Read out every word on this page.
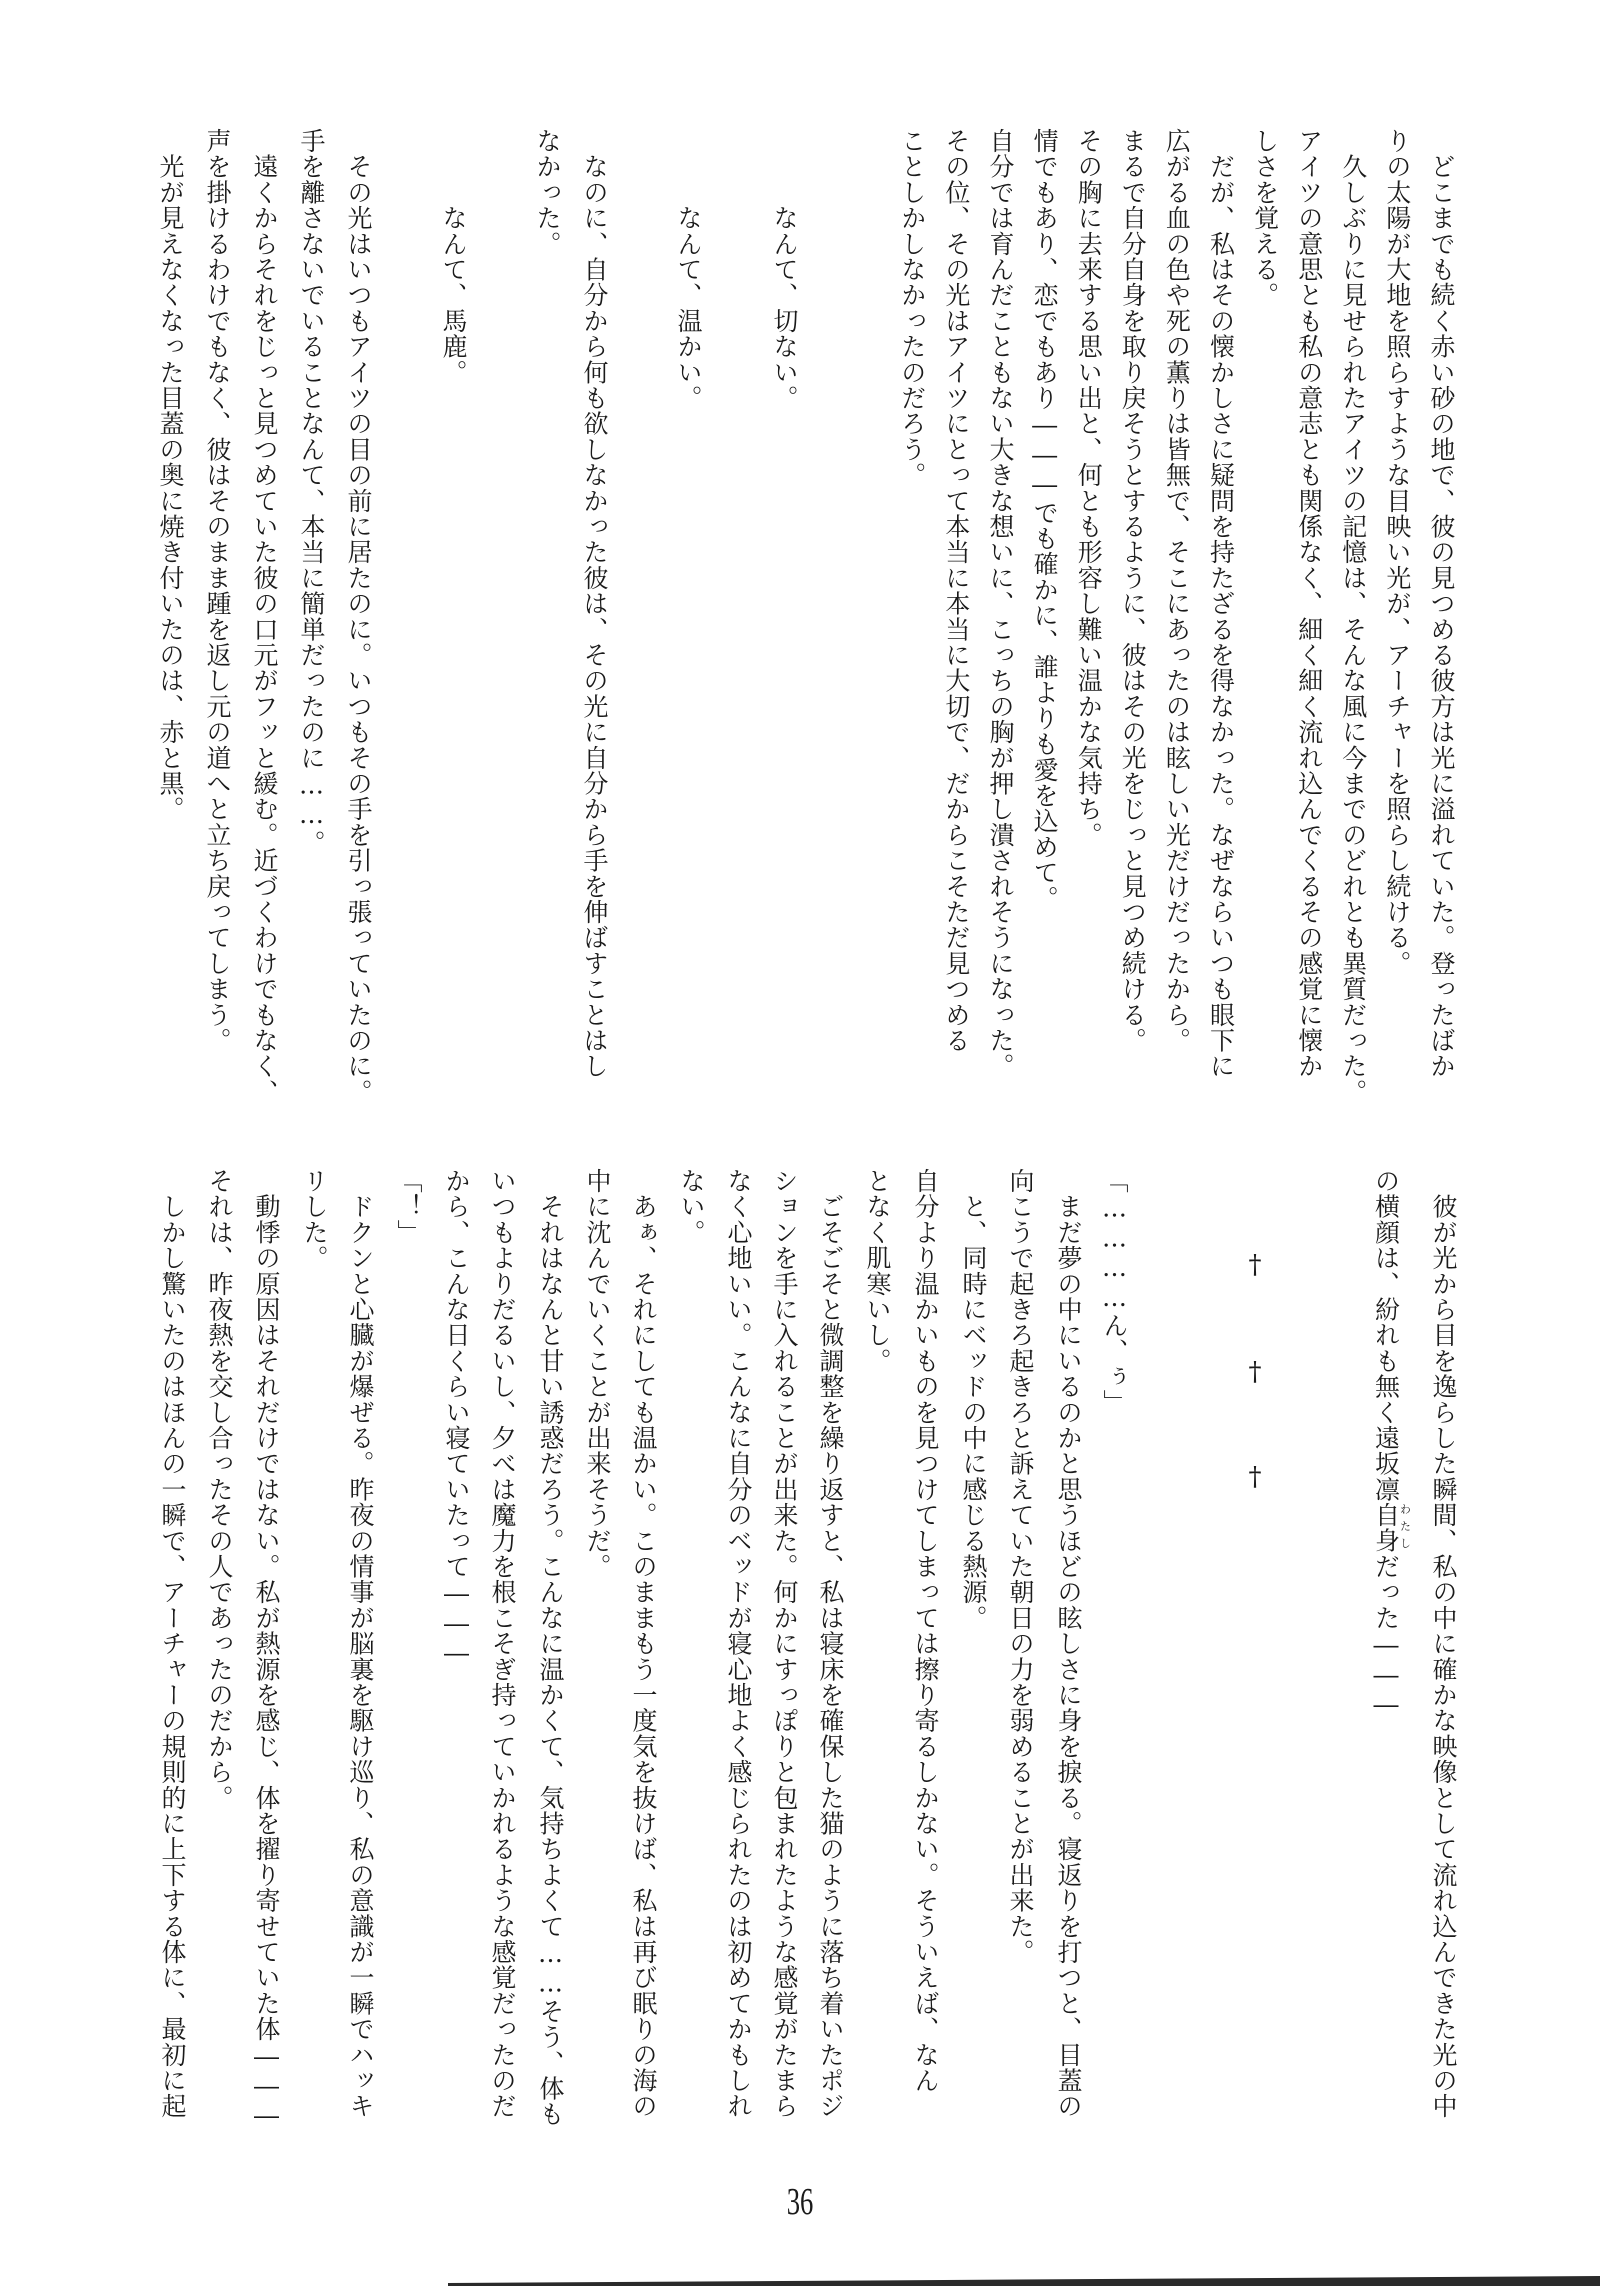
　どこまでも続く赤い砂の地で、彼の見つめる彼方は光に溢れていた。登ったばか
りの太陽が大地を照らすような目映い光が、アーチャーを照らし続ける。
　久しぶりに見せられたアイツの記憶は、そんな風に今までのどれとも異質だった。
アイツの意思とも私の意志とも関係なく、細く細く流れ込んでくるその感覚に懐か
しさを覚える。
　だが、私はその懐かしさに疑問を持たざるを得なかった。なぜならいつも眼下に
広がる血の色や死の薫りは皆無で、そこにあったのは眩しい光だけだったから。
まるで自分自身を取り戻そうとするように、彼はその光をじっと見つめ続ける。
その胸に去来する思い出と、何とも形容し難い温かな気持ち。
情でもあり、恋でもあり―――でも確かに、誰よりも愛を込めて。
自分では育んだこともない大きな想いに、こっちの胸が押し潰されそうになった。
その位、その光はアイツにとって本当に本当に大切で、だからこそただ見つめる
ことしかしなかったのだろう。
　　　なんて、切ない。
　　　なんて、温かい。
　なのに、自分から何も欲しなかった彼は、その光に自分から手を伸ばすことはし
なかった。
　　　なんて、馬鹿。
　その光はいつもアイツの目の前に居たのに。いつもその手を引っ張っていたのに。
手を離さないでいることなんて、本当に簡単だったのに……。
　遠くからそれをじっと見つめていた彼の口元がフッと緩む。近づくわけでもなく、
声を掛けるわけでもなく、彼はそのまま踵を返し元の道へと立ち戻ってしまう。
　光が見えなくなった目蓋の奥に焼き付いたのは、赤と黒。
　彼が光から目を逸らした瞬間、私の中に確かな映像として流れ込んできた光の中
の横顔は、紛れも無く遠坂凛自身わたしだった―――
「…………ん、ぅ」
　まだ夢の中にいるのかと思うほどの眩しさに身を捩る。寝返りを打つと、目蓋の
向こうで起きろ起きろと訴えていた朝日の力を弱めることが出来た。
　と、同時にベッドの中に感じる熱源。
自分より温かいものを見つけてしまっては擦り寄るしかない。そういえば、なん
となく肌寒いし。
　ごそごそと微調整を繰り返すと、私は寝床を確保した猫のように落ち着いたポジ
ションを手に入れることが出来た。何かにすっぽりと包まれたような感覚がたまら
なく心地いい。こんなに自分のベッドが寝心地よく感じられたのは初めてかもしれ
ない。
　あぁ、それにしても温かい。このままもう一度気を抜けば、私は再び眠りの海の
中に沈んでいくことが出来そうだ。
　それはなんと甘い誘惑だろう。こんなに温かくて、気持ちよくて……そう、体も
いつもよりだるいし、夕べは魔力を根こそぎ持っていかれるような感覚だったのだ
から、こんな日くらい寝ていたって―――
「！」
　ドクンと心臓が爆ぜる。昨夜の情事が脳裏を駆け巡り、私の意識が一瞬でハッキ
リした。
　動悸の原因はそれだけではない。私が熱源を感じ、体を擢り寄せていた体―――
それは、昨夜熱を交し合ったその人であったのだから。
　しかし驚いたのはほんの一瞬で、アーチャーの規則的に上下する体に、最初に起	†
†
†
36
